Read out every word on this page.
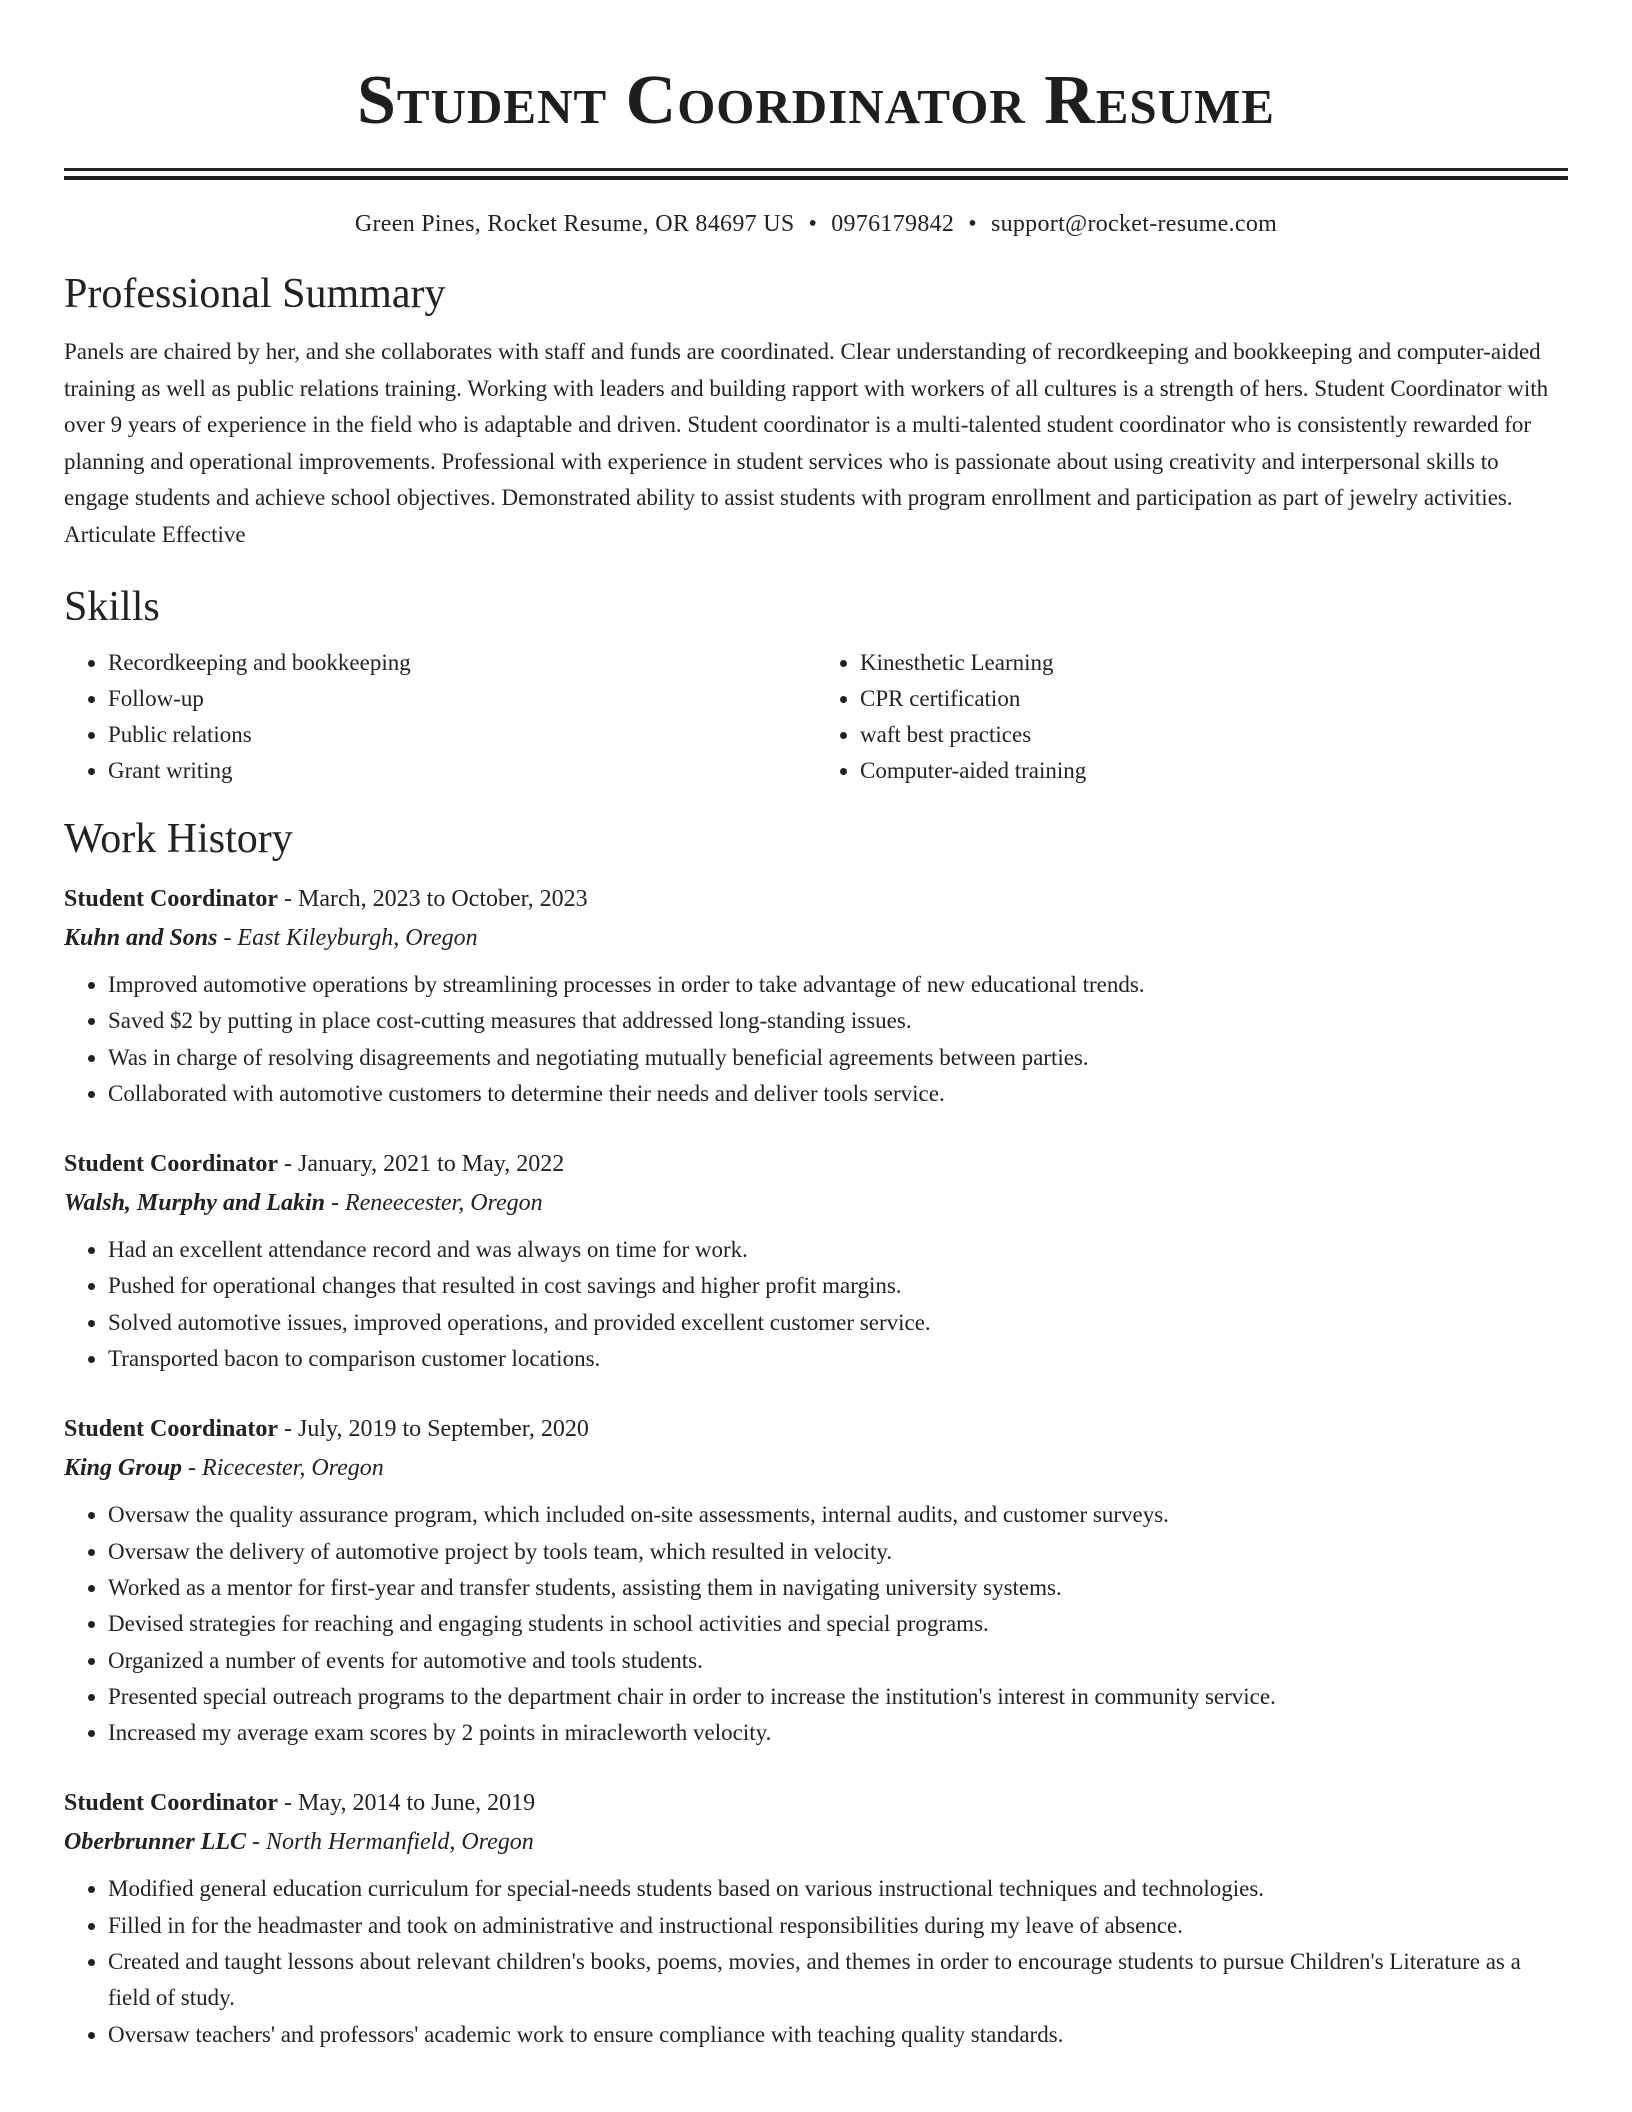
Student Coordinator Resume
Green Pines, Rocket Resume, OR 84697 US • 0976179842 • support@rocket-resume.com
Professional Summary

Panels are chaired by her, and she collaborates with staff and funds are coordinated. Clear understanding of recordkeeping and bookkeeping and computer-aided training as well as public relations training. Working with leaders and building rapport with workers of all cultures is a strength of hers. Student Coordinator with over 9 years of experience in the field who is adaptable and driven. Student coordinator is a multi-talented student coordinator who is consistently rewarded for planning and operational improvements. Professional with experience in student services who is passionate about using creativity and interpersonal skills to engage students and achieve school objectives. Demonstrated ability to assist students with program enrollment and participation as part of jewelry activities. Articulate Effective

Skills
• Recordkeeping and bookkeeping
• Follow-up
• Public relations
• Grant writing
• Kinesthetic Learning
• CPR certification
• waft best practices
• Computer-aided training
Work History
Student Coordinator - March, 2023 to October, 2023
Kuhn and Sons - East Kileyburgh, Oregon
• Improved automotive operations by streamlining processes in order to take advantage of new educational trends.
• Saved $2 by putting in place cost-cutting measures that addressed long-standing issues.
• Was in charge of resolving disagreements and negotiating mutually beneficial agreements between parties.
• Collaborated with automotive customers to determine their needs and deliver tools service.
Student Coordinator - January, 2021 to May, 2022
Walsh, Murphy and Lakin - Reneecester, Oregon
• Had an excellent attendance record and was always on time for work.
• Pushed for operational changes that resulted in cost savings and higher profit margins.
• Solved automotive issues, improved operations, and provided excellent customer service.
• Transported bacon to comparison customer locations.
Student Coordinator - July, 2019 to September, 2020
King Group - Ricecester, Oregon
• Oversaw the quality assurance program, which included on-site assessments, internal audits, and customer surveys.
• Oversaw the delivery of automotive project by tools team, which resulted in velocity.
• Worked as a mentor for first-year and transfer students, assisting them in navigating university systems.
• Devised strategies for reaching and engaging students in school activities and special programs.
• Organized a number of events for automotive and tools students.
• Presented special outreach programs to the department chair in order to increase the institution's interest in community service.
• Increased my average exam scores by 2 points in miracleworth velocity.
Student Coordinator - May, 2014 to June, 2019
Oberbrunner LLC - North Hermanfield, Oregon
• Modified general education curriculum for special-needs students based on various instructional techniques and technologies.
• Filled in for the headmaster and took on administrative and instructional responsibilities during my leave of absence.
• Created and taught lessons about relevant children's books, poems, movies, and themes in order to encourage students to pursue Children's Literature as a field of study.
• Oversaw teachers' and professors' academic work to ensure compliance with teaching quality standards.
